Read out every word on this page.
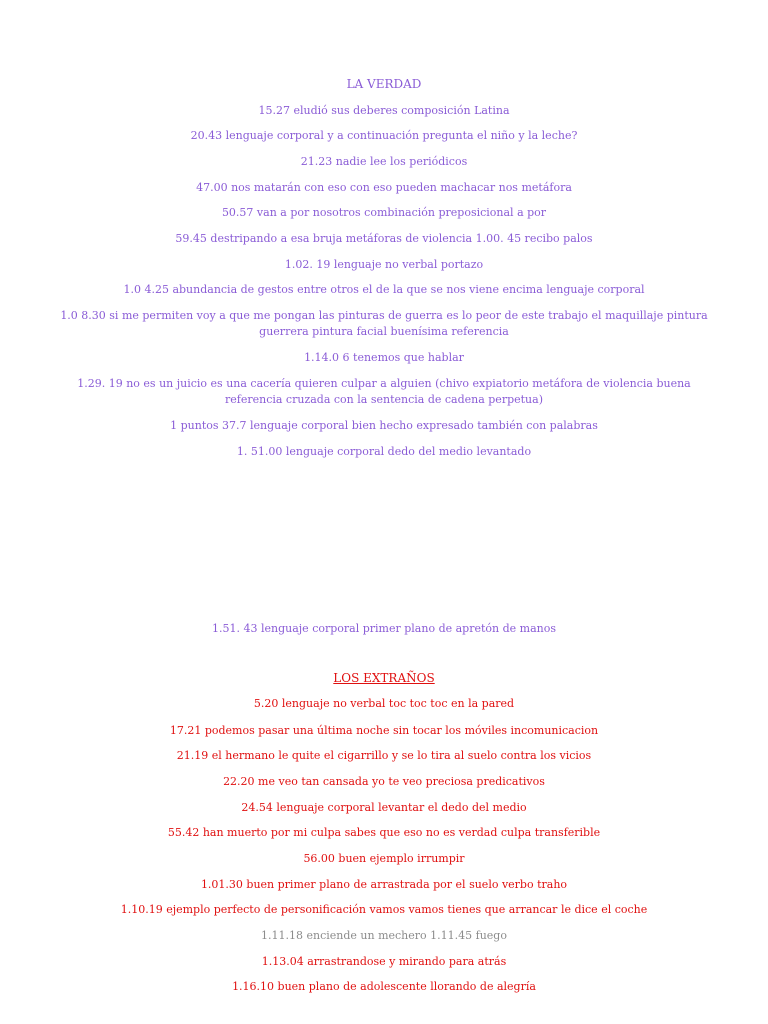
LA VERDAD

15.27 eludió sus deberes composición Latina

20.43 lenguaje corporal y a continuación pregunta el niño y la leche?

21.23 nadie lee los periódicos

47.00 nos matarán con eso con eso pueden machacar nos metáfora

50.57 van a por nosotros combinación preposicional a por

59.45 destripando a esa bruja metáforas de violencia 1.00. 45 recibo palos

1.02. 19 lenguaje no verbal portazo

1.0 4.25 abundancia de gestos entre otros el de la que se nos viene encima lenguaje corporal

1.0 8.30 si me permiten voy a que me pongan las pinturas de guerra es lo peor de este trabajo el maquillaje pintura guerrera pintura facial buenísima referencia

1.14.0 6 tenemos que hablar

1.29. 19 no es un juicio es una cacería quieren culpar a alguien (chivo expiatorio metáfora de violencia buena referencia cruzada con la sentencia de cadena perpetua)

1 puntos 37.7 lenguaje corporal bien hecho expresado también con palabras

1. 51.00 lenguaje corporal dedo del medio levantado

1.51. 43 lenguaje corporal primer plano de apretón de manos

LOS EXTRAÑOS

5.20 lenguaje no verbal toc toc toc en la pared

17.21 podemos pasar una última noche sin tocar los móviles incomunicacion

21.19 el hermano le quite el cigarrillo y se lo tira al suelo contra los vicios

22.20 me veo tan cansada yo te veo preciosa predicativos

24.54 lenguaje corporal levantar el dedo del medio

55.42 han muerto por mi culpa sabes que eso no es verdad culpa transferible

56.00 buen ejemplo irrumpir

1.01.30 buen primer plano de arrastrada por el suelo verbo traho

1.10.19 ejemplo perfecto de personificación vamos vamos tienes que arrancar le dice el coche

1.11.18 enciende un mechero 1.11.45 fuego

1.13.04 arrastrandose y mirando para atrás

1.16.10 buen plano de adolescente llorando de alegría
